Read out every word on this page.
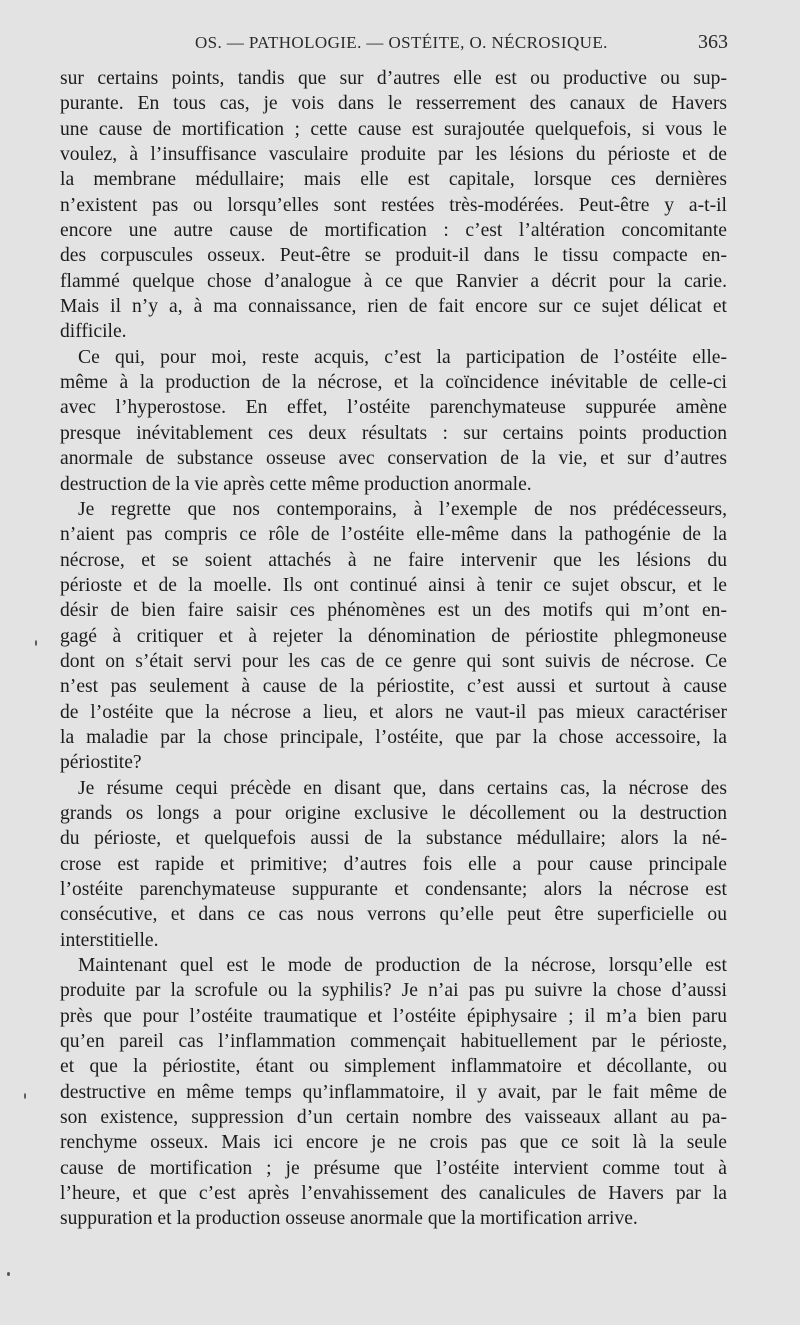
OS. — PATHOLOGIE. — OSTÉITE, O. NÉCROSIQUE.	363

sur certains points, tandis que sur d’autres elle est ou productive ou sup-
purante. En tous cas, je vois dans le resserrement des canaux de Havers
une cause de mortification ; cette cause est surajoutée quelquefois, si vous le
voulez, à l’insuffisance vasculaire produite par les lésions du périoste et de
la membrane médullaire; mais elle est capitale, lorsque ces dernières
n’existent pas ou lorsqu’elles sont restées très-modérées. Peut-être y a-t-il
encore une autre cause de mortification : c’est l’altération concomitante
des corpuscules osseux. Peut-être se produit-il dans le tissu compacte en-
flammé quelque chose d’analogue à ce que Ranvier a décrit pour la carie.
Mais il n’y a, à ma connaissance, rien de fait encore sur ce sujet délicat et
difficile.

Ce qui, pour moi, reste acquis, c’est la participation de l’ostéite elle-
même à la production de la nécrose, et la coïncidence inévitable de celle-ci
avec l’hyperostose. En effet, l’ostéite parenchymateuse suppurée amène
presque inévitablement ces deux résultats : sur certains points production
anormale de substance osseuse avec conservation de la vie, et sur d’autres
destruction de la vie après cette même production anormale.

Je regrette que nos contemporains, à l’exemple de nos prédécesseurs,
n’aient pas compris ce rôle de l’ostéite elle-même dans la pathogénie de la
nécrose, et se soient attachés à ne faire intervenir que les lésions du
périoste et de la moelle. Ils ont continué ainsi à tenir ce sujet obscur, et le
désir de bien faire saisir ces phénomènes est un des motifs qui m’ont en-
gagé à critiquer et à rejeter la dénomination de périostite phlegmoneuse
dont on s’était servi pour les cas de ce genre qui sont suivis de nécrose. Ce
n’est pas seulement à cause de la périostite, c’est aussi et surtout à cause
de l’ostéite que la nécrose a lieu, et alors ne vaut-il pas mieux caractériser
la maladie par la chose principale, l’ostéite, que par la chose accessoire, la
périostite?

Je résume cequi précède en disant que, dans certains cas, la nécrose des
grands os longs a pour origine exclusive le décollement ou la destruction
du périoste, et quelquefois aussi de la substance médullaire; alors la né-
crose est rapide et primitive; d’autres fois elle a pour cause principale
l’ostéite parenchymateuse suppurante et condensante; alors la nécrose est
consécutive, et dans ce cas nous verrons qu’elle peut être superficielle ou
interstitielle.

Maintenant quel est le mode de production de la nécrose, lorsqu’elle est
produite par la scrofule ou la syphilis? Je n’ai pas pu suivre la chose d’aussi
près que pour l’ostéite traumatique et l’ostéite épiphysaire ; il m’a bien paru
qu’en pareil cas l’inflammation commençait habituellement par le périoste,
et que la périostite, étant ou simplement inflammatoire et décollante, ou
destructive en même temps qu’inflammatoire, il y avait, par le fait même de
son existence, suppression d’un certain nombre des vaisseaux allant au pa-
renchyme osseux. Mais ici encore je ne crois pas que ce soit là la seule
cause de mortification ; je présume que l’ostéite intervient comme tout à
l’heure, et que c’est après l’envahissement des canalicules de Havers par la
suppuration et la production osseuse anormale que la mortification arrive.
